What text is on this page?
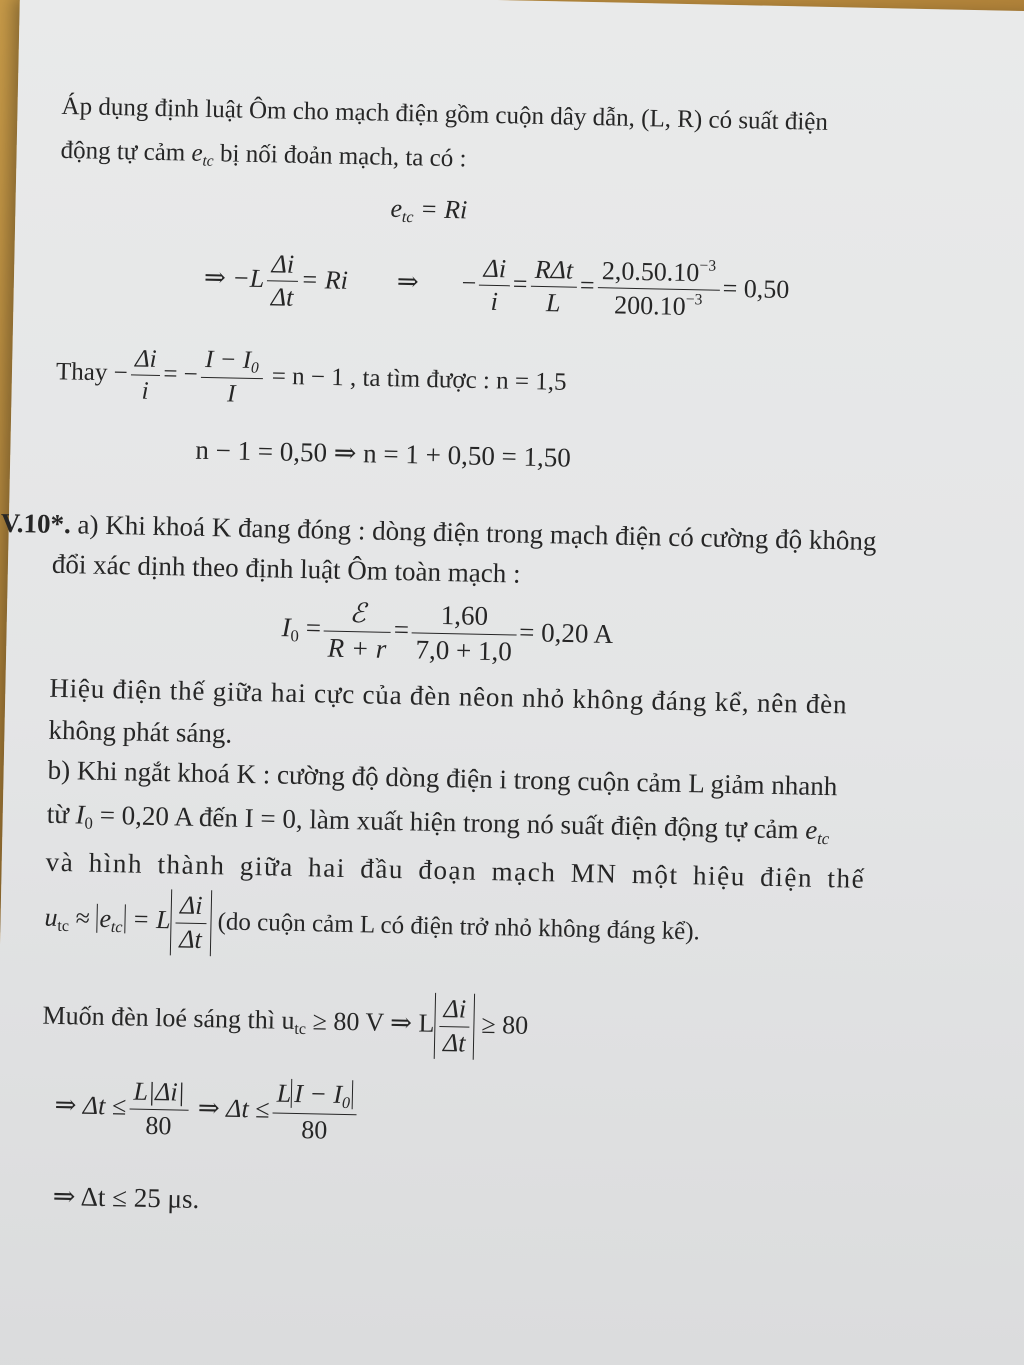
Áp dụng định luật Ôm cho mạch điện gồm cuộn dây dẫn, (L, R) có suất điện
động tự cảm $e_{tc}$ bị nối đoản mạch, ta có :
$e_{tc} = Ri$
⇒ $-L \frac{\Delta i}{\Delta t} = Ri$ ⇒ − $\frac{\Delta i}{i} = \frac{\text{RΔt}}{L} = \frac{2,0.50.10^{-3}}{200.10^{-3}} = 0,50$
Thay − $\frac{\Delta i}{i}$ = − $\frac{I - I_0}{I} = n - 1$ , ta tìm được : n = 1,5
n − 1 = 0,50 ⇒ n = 1 + 0,50 = 1,50
V.10*. a) Khi khoá K đang đóng : dòng điện trong mạch điện có cường độ không
đổi xác dịnh theo định luật Ôm toàn mạch :
$I_0 = \frac{\text{ℰ}}{R + r} = \frac{1,60}{7,0 + 1,0} = 0,20$ A
Hiệu điện thế giữa hai cực của đèn nêon nhỏ không đáng kể, nên đèn
không phát sáng.
b) Khi ngắt khoá K : cường độ dòng điện i trong cuộn cảm L giảm nhanh
từ $I_0 = 0,20$ A đến I = 0, làm xuất hiện trong nó suất điện động tự cảm $e_{tc}$
và hình thành giữa hai đầu đoạn mạch MN một hiệu điện thế
$u_{tc} \approx e_{tc} = L \frac{\Delta i}{\Delta t} (do$ cuộn cảm L có điện trở nhỏ không đáng kể).
Muốn đèn loé sáng thì $u_{tc} \ge 80$ V ⇒ L $\frac{\Delta i}{\Delta t} \ge 80$
⇒ $\Delta t \le \frac{L|\Delta i|}{80}$ ⇒ $\Delta t \le \frac{LI - I_0}{80}$
⇒ Δt ≤ 25 μs.
